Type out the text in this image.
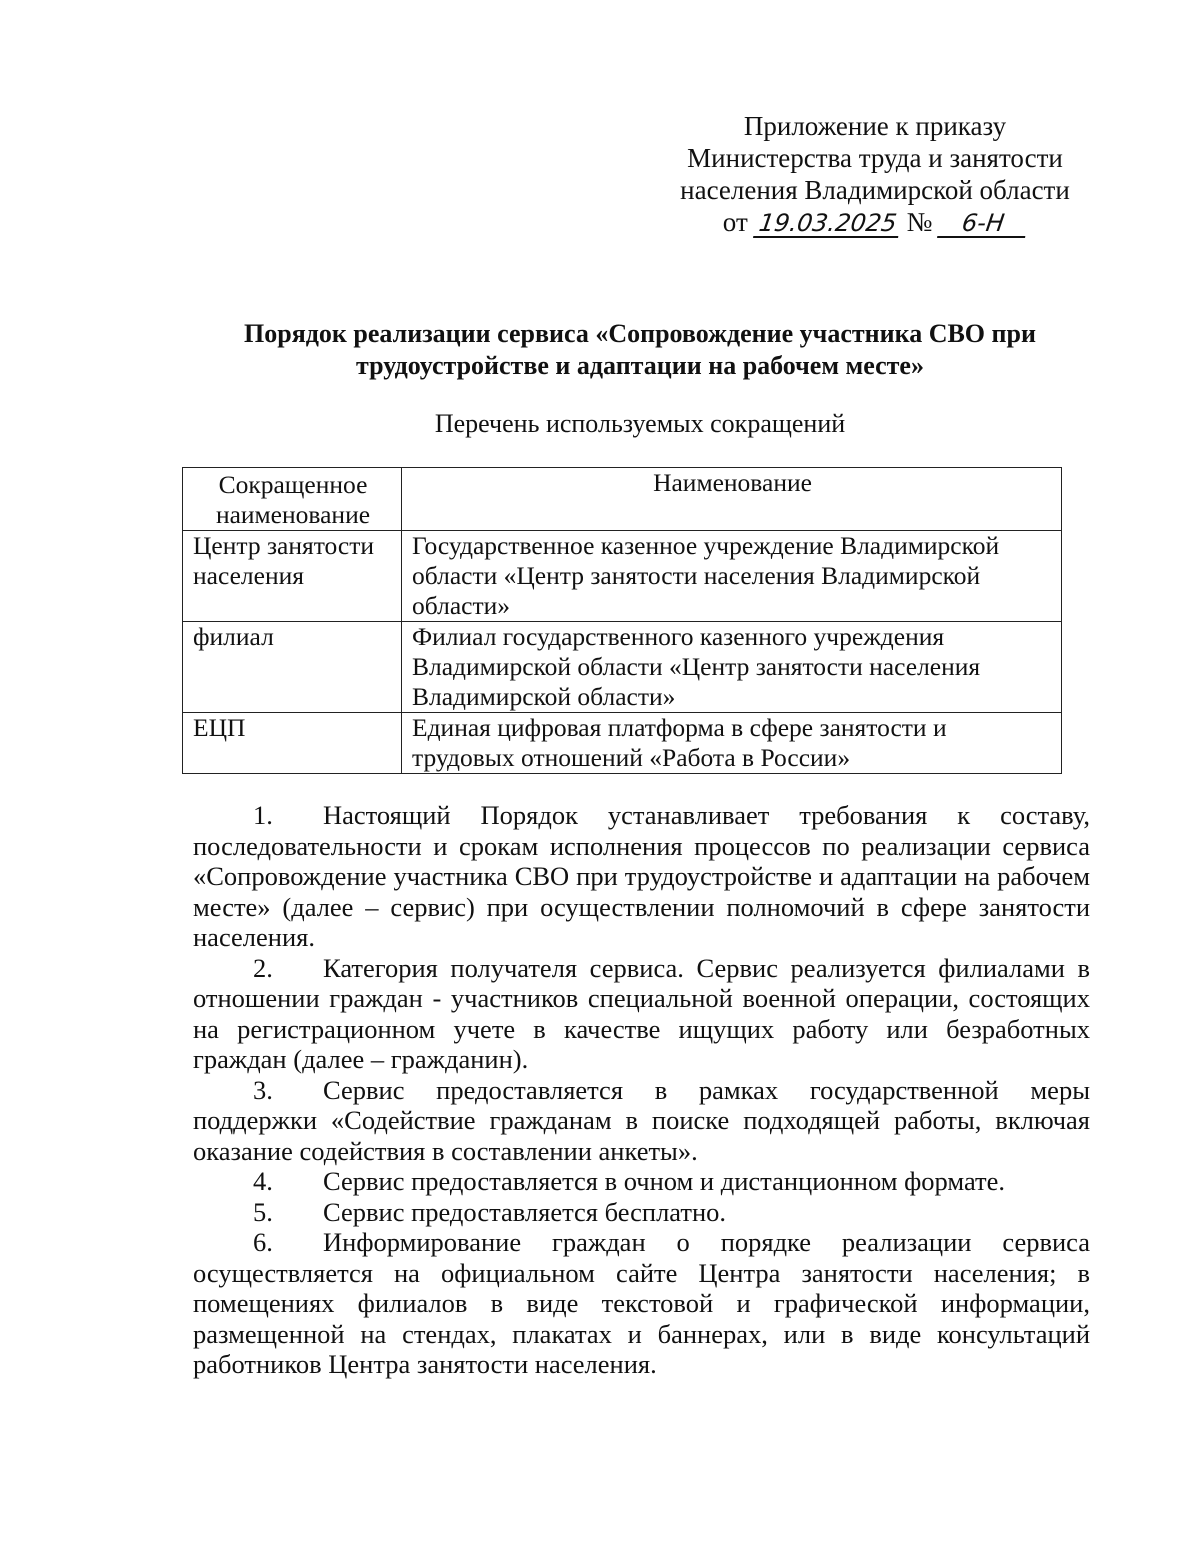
Приложение к приказу
Министерства труда и занятости
населения Владимирской области
от 19.03.2025 № 6-Н
Порядок реализации сервиса «Сопровождение участника СВО при
трудоустройстве и адаптации на рабочем месте»
Перечень используемых сокращений
Сокращенное наименование	Наименование
Центр занятости населения	Государственное казенное учреждение Владимирской области «Центр занятости населения Владимирской области»
филиал	Филиал государственного казенного учреждения Владимирской области «Центр занятости населения Владимирской области»
ЕЦП	Единая цифровая платформа в сфере занятости и трудовых отношений «Работа в России»

1. Настоящий Порядок устанавливает требования к составу, последовательности и срокам исполнения процессов по реализации сервиса «Сопровождение участника СВО при трудоустройстве и адаптации на рабочем месте» (далее – сервис) при осуществлении полномочий в сфере занятости населения.

2. Категория получателя сервиса. Сервис реализуется филиалами в отношении граждан - участников специальной военной операции, состоящих на регистрационном учете в качестве ищущих работу или безработных граждан (далее – гражданин).

3. Сервис предоставляется в рамках государственной меры поддержки «Содействие гражданам в поиске подходящей работы, включая оказание содействия в составлении анкеты».

4. Сервис предоставляется в очном и дистанционном формате.

5. Сервис предоставляется бесплатно.

6. Информирование граждан о порядке реализации сервиса осуществляется на официальном сайте Центра занятости населения; в помещениях филиалов в виде текстовой и графической информации, размещенной на стендах, плакатах и баннерах, или в виде консультаций работников Центра занятости населения.
